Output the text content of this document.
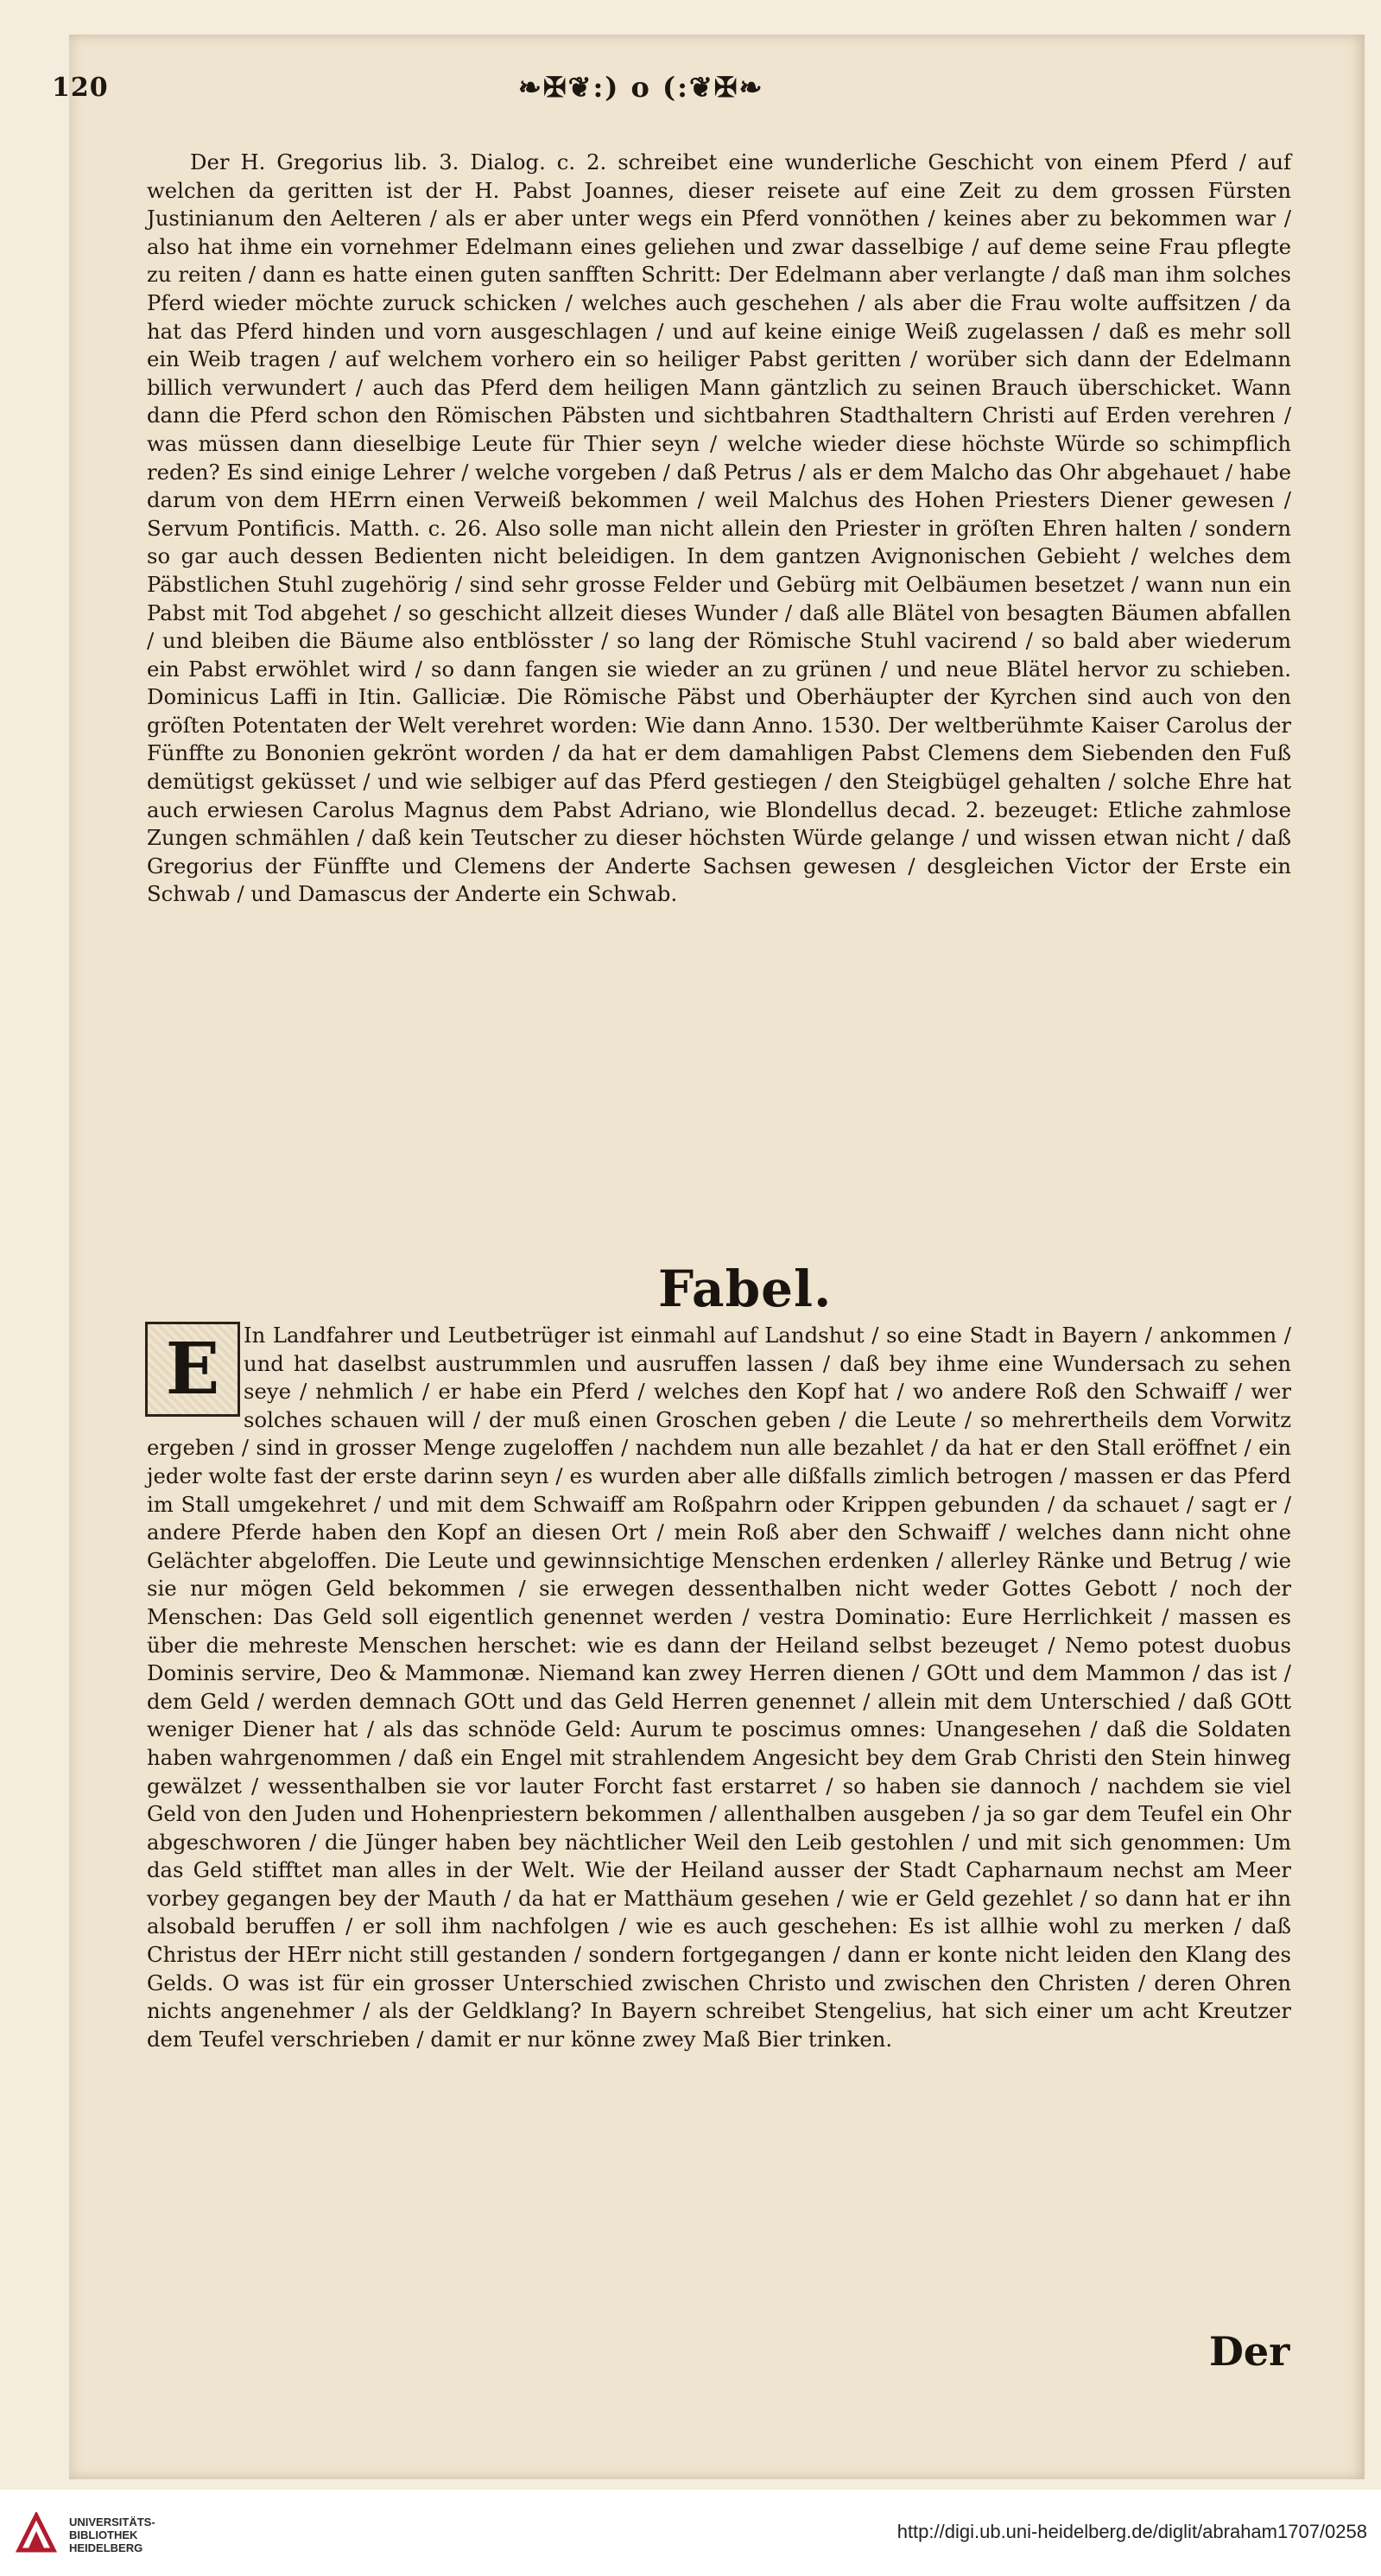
120	❧✠❦:) o (:❦✠❧

Der H. Gregorius lib. 3. Dialog. c. 2. schreibet eine wunderliche Geschicht von einem Pferd / auf welchen da geritten ist der H. Pabst Joannes, dieser reisete auf eine Zeit zu dem grossen Fürsten Justinianum den Aelteren / als er aber unter wegs ein Pferd vonnöthen / keines aber zu bekommen war / also hat ihme ein vornehmer Edelmann eines geliehen und zwar dasselbige / auf deme seine Frau pflegte zu reiten / dann es hatte einen guten sanfften Schritt: Der Edelmann aber verlangte / daß man ihm solches Pferd wieder möchte zuruck schicken / welches auch geschehen / als aber die Frau wolte auffsitzen / da hat das Pferd hinden und vorn ausgeschlagen / und auf keine einige Weiß zugelassen / daß es mehr soll ein Weib tragen / auf welchem vorhero ein so heiliger Pabst geritten / worüber sich dann der Edelmann billich verwundert / auch das Pferd dem heiligen Mann gäntzlich zu seinen Brauch überschicket. Wann dann die Pferd schon den Römischen Päbsten und sichtbahren Stadthaltern Christi auf Erden verehren / was müssen dann dieselbige Leute für Thier seyn / welche wieder diese höchste Würde so schimpflich reden? Es sind einige Lehrer / welche vorgeben / daß Petrus / als er dem Malcho das Ohr abgehauet / habe darum von dem HErrn einen Verweiß bekommen / weil Malchus des Hohen Priesters Diener gewesen / Servum Pontificis. Matth. c. 26. Also solle man nicht allein den Priester in gröſten Ehren halten / sondern so gar auch dessen Bedienten nicht beleidigen. In dem gantzen Avignonischen Gebieht / welches dem Päbstlichen Stuhl zugehörig / sind sehr grosse Felder und Gebürg mit Oelbäumen besetzet / wann nun ein Pabst mit Tod abgehet / so geschicht allzeit dieses Wunder / daß alle Blätel von besagten Bäumen abfallen / und bleiben die Bäume also entblösster / so lang der Römische Stuhl vacirend / so bald aber wiederum ein Pabst erwöhlet wird / so dann fangen sie wieder an zu grünen / und neue Blätel hervor zu schieben. Dominicus Laffi in Itin. Galliciæ. Die Römische Päbst und Oberhäupter der Kyrchen sind auch von den gröſten Potentaten der Welt verehret worden: Wie dann Anno. 1530. Der weltberühmte Kaiser Carolus der Fünffte zu Bononien gekrönt worden / da hat er dem damahligen Pabst Clemens dem Siebenden den Fuß demütigst geküsset / und wie selbiger auf das Pferd gestiegen / den Steigbügel gehalten / solche Ehre hat auch erwiesen Carolus Magnus dem Pabst Adriano, wie Blondellus decad. 2. bezeuget: Etliche zahmlose Zungen schmählen / daß kein Teutscher zu dieser höchsten Würde gelange / und wissen etwan nicht / daß Gregorius der Fünffte und Clemens der Anderte Sachsen gewesen / desgleichen Victor der Erste ein Schwab / und Damascus der Anderte ein Schwab.

Fabel.
E	In Landfahrer und Leutbetrüger ist einmahl auf Landshut / so eine Stadt in Bayern / ankommen / und hat daselbst austrummlen und ausruffen lassen / daß bey ihme eine Wundersach zu sehen seye / nehmlich / er habe ein Pferd / welches den Kopf hat / wo andere Roß den Schwaiff / wer solches schauen will / der muß einen Groschen geben / die Leute / so mehrertheils dem Vorwitz ergeben / sind in grosser Menge zugeloffen / nachdem nun alle bezahlet / da hat er den Stall eröffnet / ein jeder wolte fast der erste darinn seyn / es wurden aber alle dißfalls zimlich betrogen / massen er das Pferd im Stall umgekehret / und mit dem Schwaiff am Roßpahrn oder Krippen gebunden / da schauet / sagt er / andere Pferde haben den Kopf an diesen Ort / mein Roß aber den Schwaiff / welches dann nicht ohne Gelächter abgeloffen. Die Leute und gewinnsichtige Menschen erdenken / allerley Ränke und Betrug / wie sie nur mögen Geld bekommen / sie erwegen dessenthalben nicht weder Gottes Gebott / noch der Menschen: Das Geld soll eigentlich genennet werden / vestra Dominatio: Eure Herrlichkeit / massen es über die mehreste Menschen herschet: wie es dann der Heiland selbst bezeuget / Nemo potest duobus Dominis servire, Deo & Mammonæ. Niemand kan zwey Herren dienen / GOtt und dem Mammon / das ist / dem Geld / werden demnach GOtt und das Geld Herren genennet / allein mit dem Unterschied / daß GOtt weniger Diener hat / als das schnöde Geld: Aurum te poscimus omnes: Unangesehen / daß die Soldaten haben wahrgenommen / daß ein Engel mit strahlendem Angesicht bey dem Grab Christi den Stein hinweg gewälzet / wessenthalben sie vor lauter Forcht fast erstarret / so haben sie dannoch / nachdem sie viel Geld von den Juden und Hohenpriestern bekommen / allenthalben ausgeben / ja so gar dem Teufel ein Ohr abgeschworen / die Jünger haben bey nächtlicher Weil den Leib gestohlen / und mit sich genommen: Um das Geld stifftet man alles in der Welt. Wie der Heiland ausser der Stadt Capharnaum nechst am Meer vorbey gegangen bey der Mauth / da hat er Matthäum gesehen / wie er Geld gezehlet / so dann hat er ihn alsobald beruffen / er soll ihm nachfolgen / wie es auch geschehen: Es ist allhie wohl zu merken / daß Christus der HErr nicht still gestanden / sondern fortgegangen / dann er konte nicht leiden den Klang des Gelds. O was ist für ein grosser Unterschied zwischen Christo und zwischen den Christen / deren Ohren nichts angenehmer / als der Geldklang? In Bayern schreibet Stengelius, hat sich einer um acht Kreutzer dem Teufel verschrieben / damit er nur könne zwey Maß Bier trinken.

Der
UNIVERSITÄTS-
BIBLIOTHEK
HEIDELBERG
http://digi.ub.uni-heidelberg.de/diglit/abraham1707/0258
